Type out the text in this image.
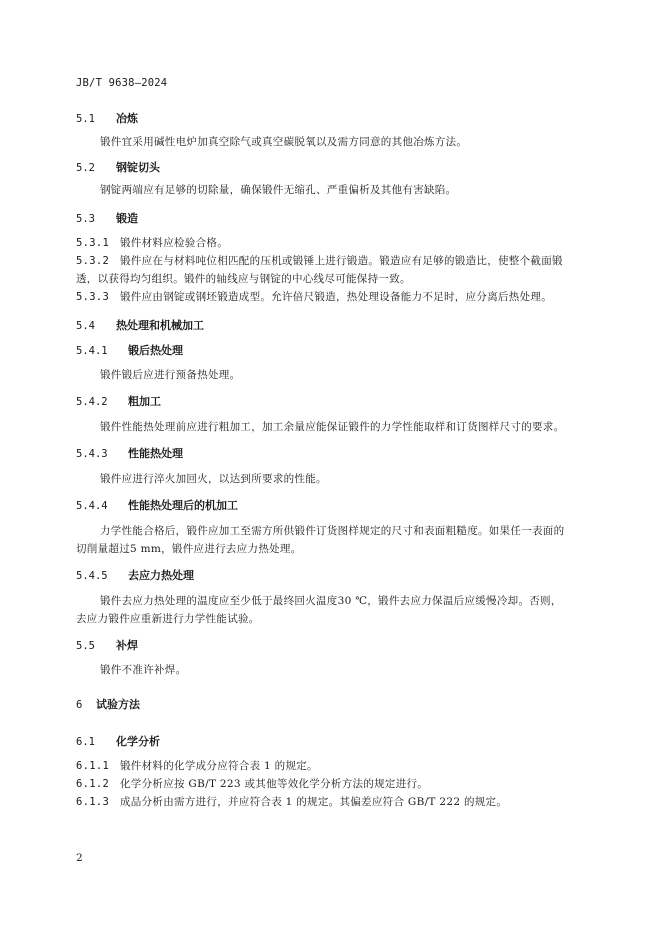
JB/T 9638—2024
5.1 冶炼
锻件宜采用碱性电炉加真空除气或真空碳脱氧以及需方同意的其他冶炼方法。
5.2 钢锭切头
钢锭两端应有足够的切除量，确保锻件无缩孔、严重偏析及其他有害缺陷。
5.3 锻造
5.3.1 锻件材料应检验合格。
5.3.2 锻件应在与材料吨位相匹配的压机或锻锤上进行锻造。锻造应有足够的锻造比，使整个截面锻
透，以获得均匀组织。锻件的轴线应与钢锭的中心线尽可能保持一致。
5.3.3 锻件应由钢锭或钢坯锻造成型。允许倍尺锻造，热处理设备能力不足时，应分离后热处理。
5.4 热处理和机械加工
5.4.1 锻后热处理
锻件锻后应进行预备热处理。
5.4.2 粗加工
锻件性能热处理前应进行粗加工，加工余量应能保证锻件的力学性能取样和订货图样尺寸的要求。
5.4.3 性能热处理
锻件应进行淬火加回火，以达到所要求的性能。
5.4.4 性能热处理后的机加工
力学性能合格后，锻件应加工至需方所供锻件订货图样规定的尺寸和表面粗糙度。如果任一表面的
切削量超过5 mm，锻件应进行去应力热处理。
5.4.5 去应力热处理
锻件去应力热处理的温度应至少低于最终回火温度30 ℃，锻件去应力保温后应缓慢冷却。否则，
去应力锻件应重新进行力学性能试验。
5.5 补焊
锻件不准许补焊。
6 试验方法
6.1 化学分析
6.1.1 锻件材料的化学成分应符合表 1 的规定。
6.1.2 化学分析应按 GB/T 223 或其他等效化学分析方法的规定进行。
6.1.3 成品分析由需方进行，并应符合表 1 的规定。其偏差应符合 GB/T 222 的规定。
2
